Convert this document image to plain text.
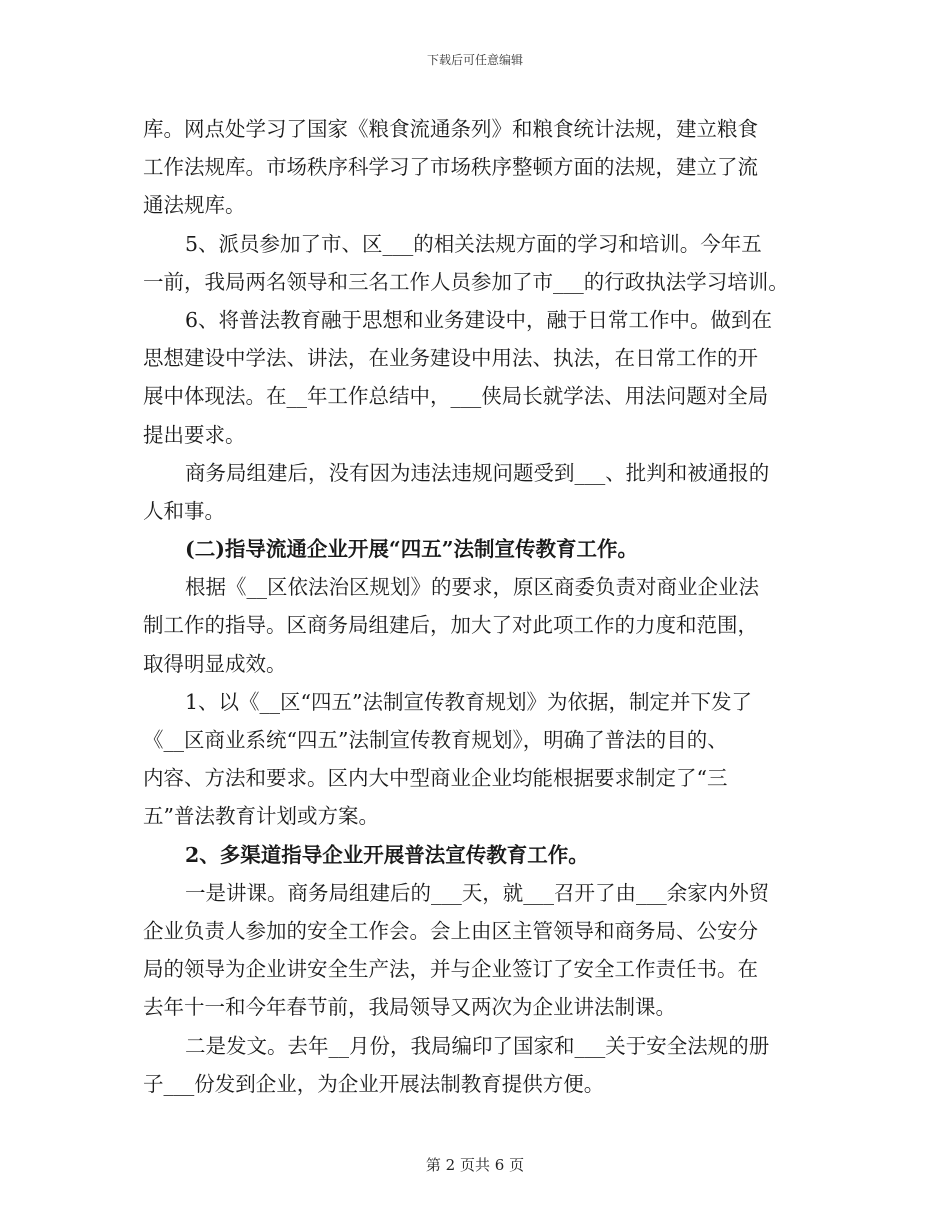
下载后可任意编辑
库。网点处学习了国家《粮食流通条列》和粮食统计法规，建立粮食
工作法规库。市场秩序科学习了市场秩序整顿方面的法规，建立了流
通法规库。
5、派员参加了市、区___的相关法规方面的学习和培训。今年五
一前，我局两名领导和三名工作人员参加了市___的行政执法学习培训。
6、将普法教育融于思想和业务建设中，融于日常工作中。做到在
思想建设中学法、讲法，在业务建设中用法、执法，在日常工作的开
展中体现法。在__年工作总结中，___侠局长就学法、用法问题对全局
提出要求。
商务局组建后，没有因为违法违规问题受到___、批判和被通报的
人和事。
(二)指导流通企业开展“四五”法制宣传教育工作。
根据《__区依法治区规划》的要求，原区商委负责对商业企业法
制工作的指导。区商务局组建后，加大了对此项工作的力度和范围，
取得明显成效。
1、以《__区“四五”法制宣传教育规划》为依据，制定并下发了
《__区商业系统“四五”法制宣传教育规划》，明确了普法的目的、
内容、方法和要求。区内大中型商业企业均能根据要求制定了“三
五”普法教育计划或方案。
2、多渠道指导企业开展普法宣传教育工作。
一是讲课。商务局组建后的___天，就___召开了由___余家内外贸
企业负责人参加的安全工作会。会上由区主管领导和商务局、公安分
局的领导为企业讲安全生产法，并与企业签订了安全工作责任书。在
去年十一和今年春节前，我局领导又两次为企业讲法制课。
二是发文。去年__月份，我局编印了国家和___关于安全法规的册
子___份发到企业，为企业开展法制教育提供方便。
第 2 页共 6 页
